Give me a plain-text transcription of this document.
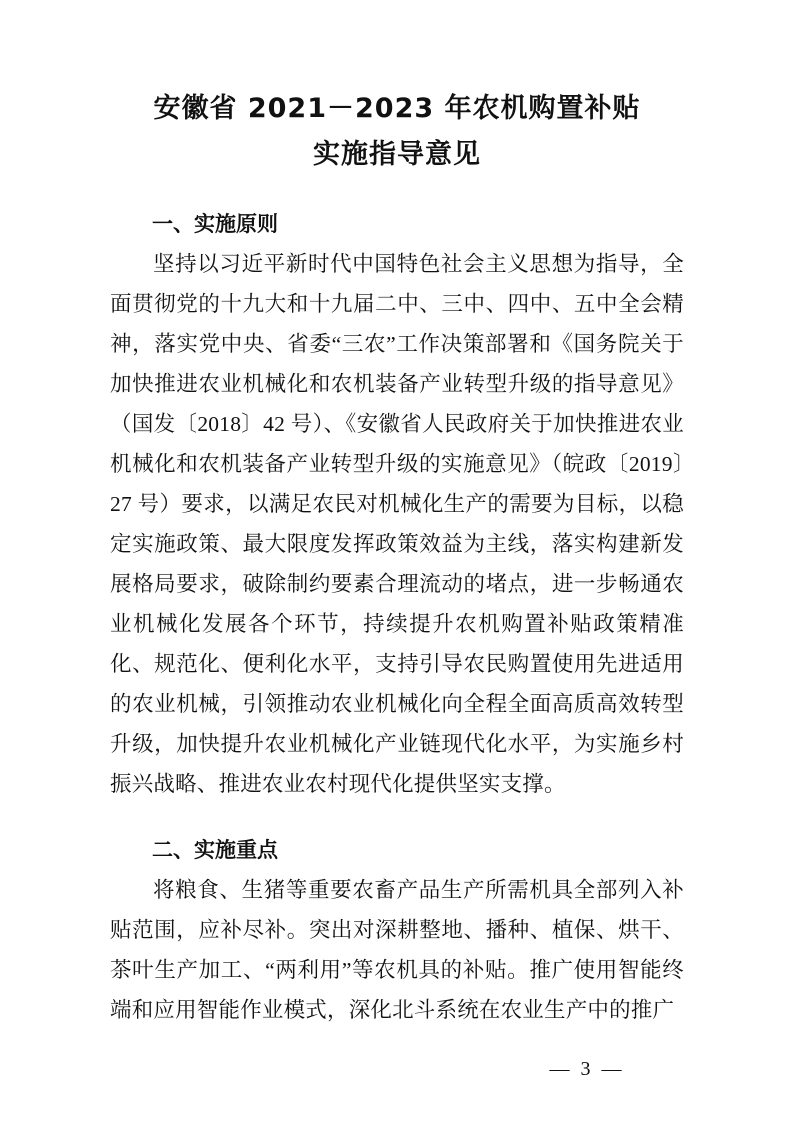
安徽省 2021－2023 年农机购置补贴
实施指导意见
一、实施原则
坚持以习近平新时代中国特色社会主义思想为指导，全面贯彻党的十九大和十九届二中、三中、四中、五中全会精神，落实党中央、省委“三农”工作决策部署和《国务院关于加快推进农业机械化和农机装备产业转型升级的指导意见》（国发〔2018〕42 号）、《安徽省人民政府关于加快推进农业机械化和农机装备产业转型升级的实施意见》（皖政〔2019〕27 号）要求，以满足农民对机械化生产的需要为目标，以稳定实施政策、最大限度发挥政策效益为主线，落实构建新发展格局要求，破除制约要素合理流动的堵点，进一步畅通农业机械化发展各个环节，持续提升农机购置补贴政策精准化、规范化、便利化水平，支持引导农民购置使用先进适用的农业机械，引领推动农业机械化向全程全面高质高效转型升级，加快提升农业机械化产业链现代化水平，为实施乡村振兴战略、推进农业农村现代化提供坚实支撑。
二、实施重点
将粮食、生猪等重要农畜产品生产所需机具全部列入补贴范围，应补尽补。突出对深耕整地、播种、植保、烘干、茶叶生产加工、“两利用”等农机具的补贴。推广使用智能终端和应用智能作业模式，深化北斗系统在农业生产中的推广
— 3 —
